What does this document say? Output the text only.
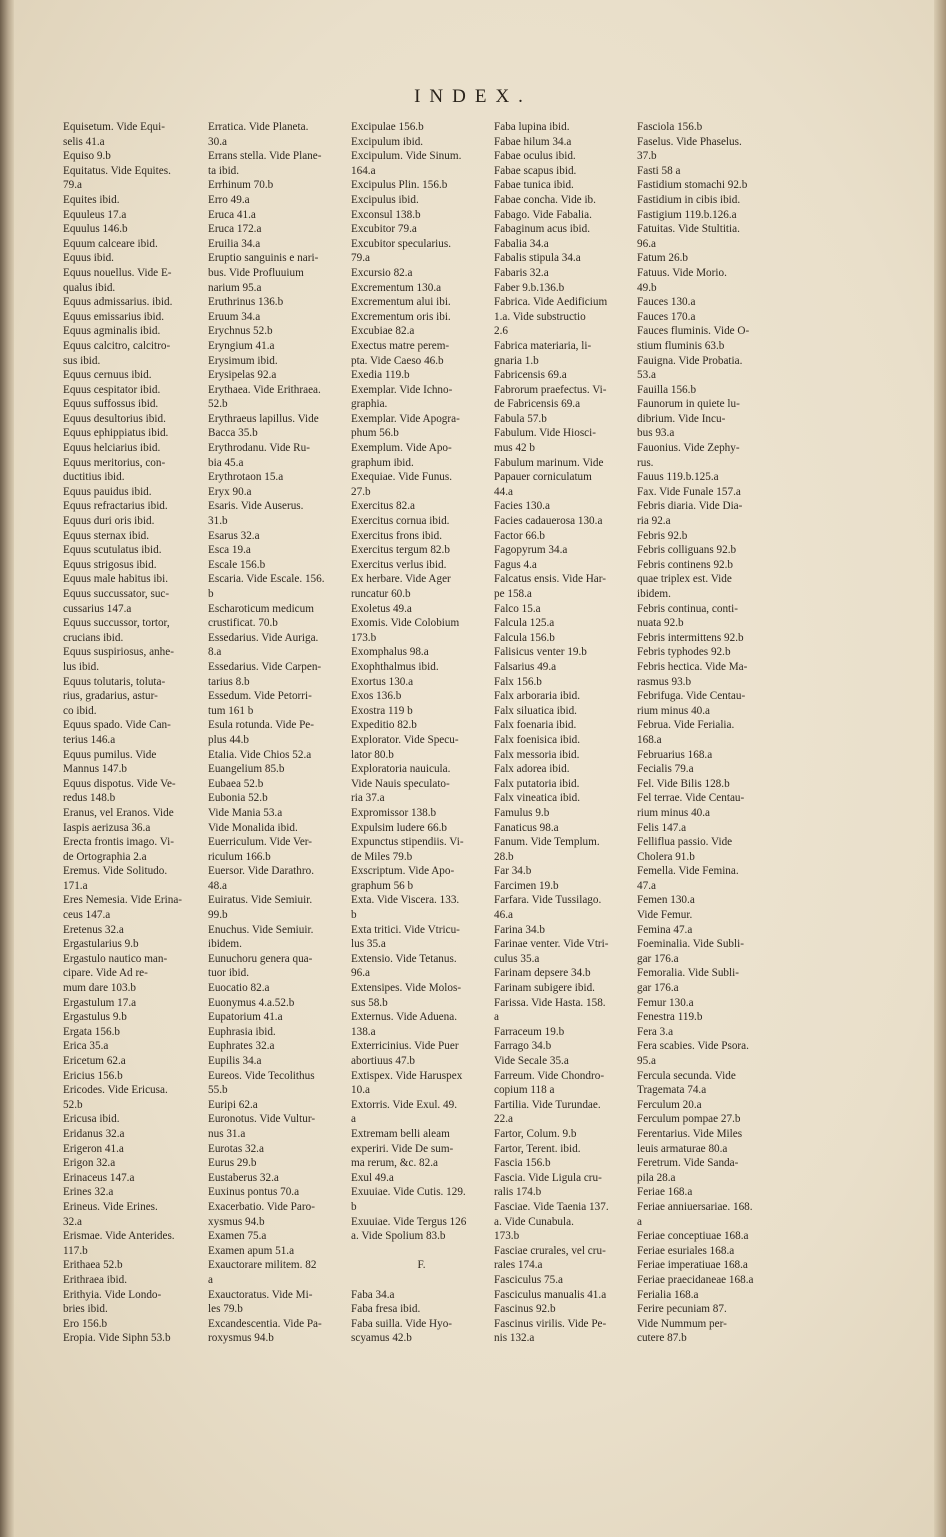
INDEX.
Equisetum. Vide Equi-
selis 41.a
Equiso 9.b
Equitatus. Vide Equites.
79.a
Equites ibid.
Equuleus 17.a
Equulus 146.b
Equum calceare ibid.
Equus ibid.
Equus nouellus. Vide E-
qualus ibid.
Equus admissarius. ibid.
Equus emissarius ibid.
Equus agminalis ibid.
Equus calcitro, calcitro-
sus ibid.
Equus cernuus ibid.
Equus cespitator ibid.
Equus suffossus ibid.
Equus desultorius ibid.
Equus ephippiatus ibid.
Equus helciarius ibid.
Equus meritorius, con-
ductitius ibid.
Equus pauidus ibid.
Equus refractarius ibid.
Equus duri oris ibid.
Equus sternax ibid.
Equus scutulatus ibid.
Equus strigosus ibid.
Equus male habitus ibi.
Equus succussator, suc-
cussarius 147.a
Equus succussor, tortor,
crucians ibid.
Equus suspiriosus, anhe-
lus ibid.
Equus tolutaris, toluta-
rius, gradarius, astur-
co ibid.
Equus spado. Vide Can-
terius 146.a
Equus pumilus. Vide
Mannus 147.b
Equus dispotus. Vide Ve-
redus 148.b
Eranus, vel Eranos. Vide
Iaspis aerizusa 36.a
Erecta frontis imago. Vi-
de Ortographia 2.a
Eremus. Vide Solitudo.
171.a
Eres Nemesia. Vide Erina-
ceus 147.a
Eretenus 32.a
Ergastularius 9.b
Ergastulo nautico man-
cipare. Vide Ad re-
mum dare 103.b
Ergastulum 17.a
Ergastulus 9.b
Ergata 156.b
Erica 35.a
Ericetum 62.a
Ericius 156.b
Ericodes. Vide Ericusa.
52.b
Ericusa ibid.
Eridanus 32.a
Erigeron 41.a
Erigon 32.a
Erinaceus 147.a
Erines 32.a
Erineus. Vide Erines.
32.a
Erismae. Vide Anterides.
117.b
Erithaea 52.b
Erithraea ibid.
Erithyia. Vide Londo-
bries ibid.
Ero 156.b
Eropia. Vide Siphn 53.b
Erratica. Vide Planeta.
30.a
Errans stella. Vide Plane-
ta ibid.
Errhinum 70.b
Erro 49.a
Eruca 41.a
Eruca 172.a
Eruilia 34.a
Eruptio sanguinis e nari-
bus. Vide Profluuium
narium 95.a
Eruthrinus 136.b
Eruum 34.a
Erychnus 52.b
Eryngium 41.a
Erysimum ibid.
Erysipelas 92.a
Erythaea. Vide Erithraea.
52.b
Erythraeus lapillus. Vide
Bacca 35.b
Erythrodanu. Vide Ru-
bia 45.a
Erythrotaon 15.a
Eryx 90.a
Esaris. Vide Auserus.
31.b
Esarus 32.a
Esca 19.a
Escale 156.b
Escaria. Vide Escale. 156.
b
Escharoticum medicum
crustificat. 70.b
Essedarius. Vide Auriga.
8.a
Essedarius. Vide Carpen-
tarius 8.b
Essedum. Vide Petorri-
tum 161 b
Esula rotunda. Vide Pe-
plus 44.b
Etalia. Vide Chios 52.a
Euangelium 85.b
Eubaea 52.b
Eubonia 52.b
Vide Mania 53.a
Vide Monalida ibid.
Euerriculum. Vide Ver-
riculum 166.b
Euersor. Vide Darathro.
48.a
Euiratus. Vide Semiuir.
99.b
Enuchus. Vide Semiuir.
ibidem.
Eunuchoru genera qua-
tuor ibid.
Euocatio 82.a
Euonymus 4.a.52.b
Eupatorium 41.a
Euphrasia ibid.
Euphrates 32.a
Eupilis 34.a
Eureos. Vide Tecolithus
55.b
Euripi 62.a
Euronotus. Vide Vultur-
nus 31.a
Eurotas 32.a
Eurus 29.b
Eustaberus 32.a
Euxinus pontus 70.a
Exacerbatio. Vide Paro-
xysmus 94.b
Examen 75.a
Examen apum 51.a
Exauctorare militem. 82
a
Exauctoratus. Vide Mi-
les 79.b
Excandescentia. Vide Pa-
roxysmus 94.b
Excipulae 156.b
Excipulum ibid.
Excipulum. Vide Sinum.
164.a
Excipulus Plin. 156.b
Excipulus ibid.
Exconsul 138.b
Excubitor 79.a
Excubitor specularius.
79.a
Excursio 82.a
Excrementum 130.a
Excrementum alui ibi.
Excrementum oris ibi.
Excubiae 82.a
Exectus matre perem-
pta. Vide Caeso 46.b
Exedia 119.b
Exemplar. Vide Ichno-
graphia.
Exemplar. Vide Apogra-
phum 56.b
Exemplum. Vide Apo-
graphum ibid.
Exequiae. Vide Funus.
27.b
Exercitus 82.a
Exercitus cornua ibid.
Exercitus frons ibid.
Exercitus tergum 82.b
Exercitus verlus ibid.
Ex herbare. Vide Ager
runcatur 60.b
Exoletus 49.a
Exomis. Vide Colobium
173.b
Exomphalus 98.a
Exophthalmus ibid.
Exortus 130.a
Exos 136.b
Exostra 119 b
Expeditio 82.b
Explorator. Vide Specu-
lator 80.b
Exploratoria nauicula.
Vide Nauis speculato-
ria 37.a
Expromissor 138.b
Expulsim ludere 66.b
Expunctus stipendiis. Vi-
de Miles 79.b
Exscriptum. Vide Apo-
graphum 56 b
Exta. Vide Viscera. 133.
b
Exta tritici. Vide Vtricu-
lus 35.a
Extensio. Vide Tetanus.
96.a
Extensipes. Vide Molos-
sus 58.b
Externus. Vide Aduena.
138.a
Exterricinius. Vide Puer
abortiuus 47.b
Extispex. Vide Haruspex
10.a
Extorris. Vide Exul. 49.
a
Extremam belli aleam
experiri. Vide De sum-
ma rerum, &c. 82.a
Exul 49.a
Exuuiae. Vide Cutis. 129.
b
Exuuiae. Vide Tergus 126
a. Vide Spolium 83.b

F.

Faba 34.a
Faba fresa ibid.
Faba suilla. Vide Hyo-
scyamus 42.b
Faba lupina ibid.
Fabae hilum 34.a
Fabae oculus ibid.
Fabae scapus ibid.
Fabae tunica ibid.
Fabae concha. Vide ib.
Fabago. Vide Fabalia.
Fabaginum acus ibid.
Fabalia 34.a
Fabalis stipula 34.a
Fabaris 32.a
Faber 9.b.136.b
Fabrica. Vide Aedificium
1.a. Vide substructio
2.6
Fabrica materiaria, li-
gnaria 1.b
Fabricensis 69.a
Fabrorum praefectus. Vi-
de Fabricensis 69.a
Fabula 57.b
Fabulum. Vide Hiosci-
mus 42 b
Fabulum marinum. Vide
Papauer corniculatum
44.a
Facies 130.a
Facies cadauerosa 130.a
Factor 66.b
Fagopyrum 34.a
Fagus 4.a
Falcatus ensis. Vide Har-
pe 158.a
Falco 15.a
Falcula 125.a
Falcula 156.b
Falisicus venter 19.b
Falsarius 49.a
Falx 156.b
Falx arboraria ibid.
Falx siluatica ibid.
Falx foenaria ibid.
Falx foenisica ibid.
Falx messoria ibid.
Falx adorea ibid.
Falx putatoria ibid.
Falx vineatica ibid.
Famulus 9.b
Fanaticus 98.a
Fanum. Vide Templum.
28.b
Far 34.b
Farcimen 19.b
Farfara. Vide Tussilago.
46.a
Farina 34.b
Farinae venter. Vide Vtri-
culus 35.a
Farinam depsere 34.b
Farinam subigere ibid.
Farissa. Vide Hasta. 158.
a
Farraceum 19.b
Farrago 34.b
Vide Secale 35.a
Farreum. Vide Chondro-
copium 118 a
Fartilia. Vide Turundae.
22.a
Fartor, Colum. 9.b
Fartor, Terent. ibid.
Fascia 156.b
Fascia. Vide Ligula cru-
ralis 174.b
Fasciae. Vide Taenia 137.
a. Vide Cunabula.
173.b
Fasciae crurales, vel cru-
rales 174.a
Fasciculus 75.a
Fasciculus manualis 41.a
Fascinus 92.b
Fascinus virilis. Vide Pe-
nis 132.a
Fasciola 156.b
Faselus. Vide Phaselus.
37.b
Fasti 58 a
Fastidium stomachi 92.b
Fastidium in cibis ibid.
Fastigium 119.b.126.a
Fatuitas. Vide Stultitia.
96.a
Fatum 26.b
Fatuus. Vide Morio.
49.b
Fauces 130.a
Fauces 170.a
Fauces fluminis. Vide O-
stium fluminis 63.b
Fauigna. Vide Probatia.
53.a
Fauilla 156.b
Faunorum in quiete lu-
dibrium. Vide Incu-
bus 93.a
Fauonius. Vide Zephy-
rus.
Fauus 119.b.125.a
Fax. Vide Funale 157.a
Febris diaria. Vide Dia-
ria 92.a
Febris 92.b
Febris colliguans 92.b
Febris continens 92.b
quae triplex est. Vide
ibidem.
Febris continua, conti-
nuata 92.b
Febris intermittens 92.b
Febris typhodes 92.b
Febris hectica. Vide Ma-
rasmus 93.b
Febrifuga. Vide Centau-
rium minus 40.a
Februa. Vide Ferialia.
168.a
Februarius 168.a
Fecialis 79.a
Fel. Vide Bilis 128.b
Fel terrae. Vide Centau-
rium minus 40.a
Felis 147.a
Felliflua passio. Vide
Cholera 91.b
Femella. Vide Femina.
47.a
Femen 130.a
Vide Femur.
Femina 47.a
Foeminalia. Vide Subli-
gar 176.a
Femoralia. Vide Subli-
gar 176.a
Femur 130.a
Fenestra 119.b
Fera 3.a
Fera scabies. Vide Psora.
95.a
Fercula secunda. Vide
Tragemata 74.a
Ferculum 20.a
Ferculum pompae 27.b
Ferentarius. Vide Miles
leuis armaturae 80.a
Feretrum. Vide Sanda-
pila 28.a
Feriae 168.a
Feriae anniuersariae. 168.
a
Feriae conceptiuae 168.a
Feriae esuriales 168.a
Feriae imperatiuae 168.a
Feriae praecidaneae 168.a
Ferialia 168.a
Ferire pecuniam 87.
Vide Nummum per-
cutere 87.b
